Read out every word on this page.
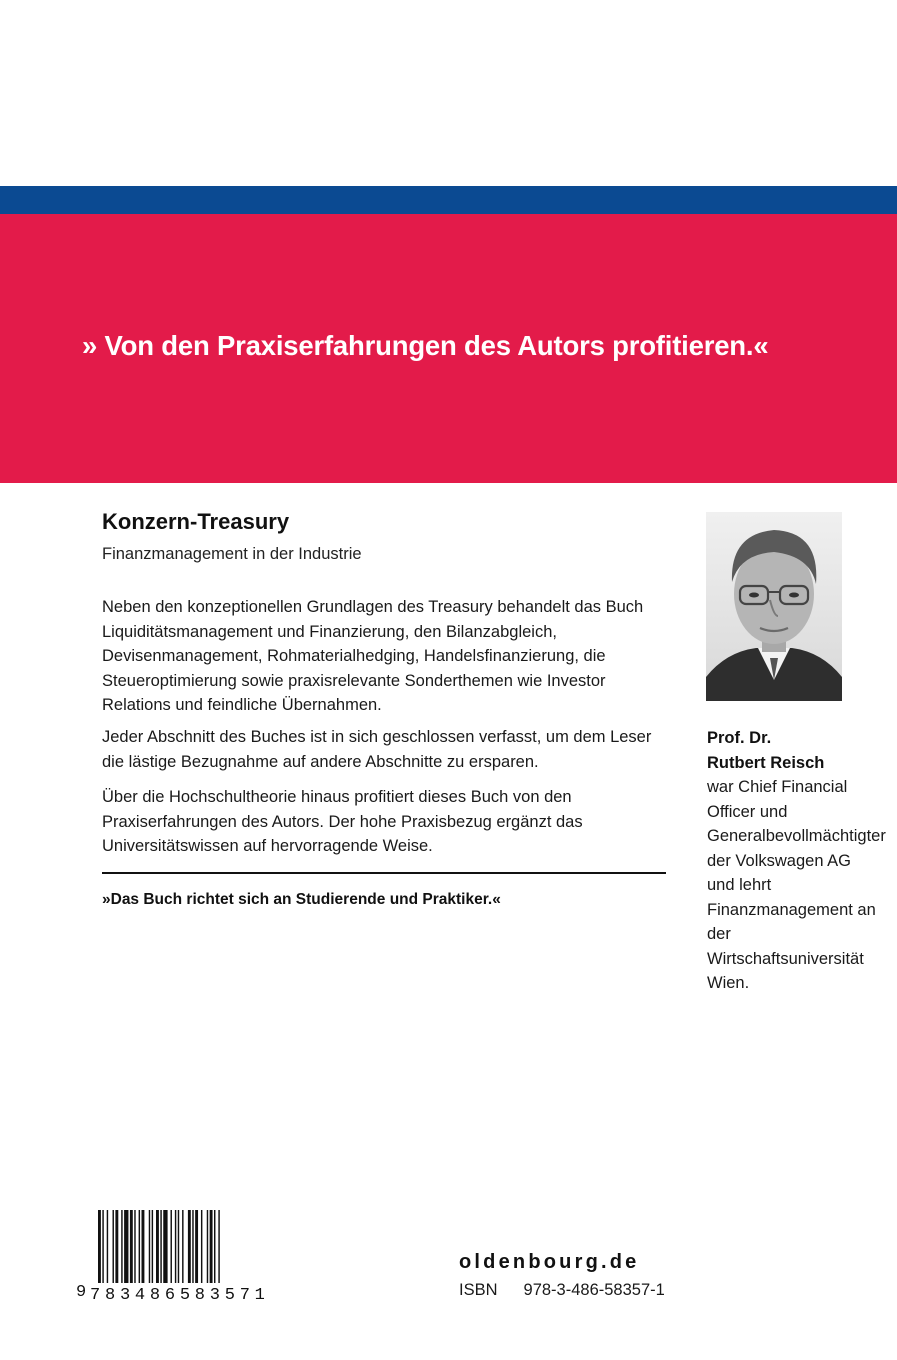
» Von den Praxiserfahrungen des Autors profitieren.«

Konzern-Treasury

Finanzmanagement in der Industrie

Neben den konzeptionellen Grundlagen des Treasury behandelt das Buch Liquiditätsmanagement und Finanzierung, den Bilanzabgleich, Devisenmanagement, Rohmaterialhedging, Handelsfinanzierung, die Steueroptimierung sowie praxisrelevante Sonderthemen wie Investor Relations und feindliche Übernahmen.

Jeder Abschnitt des Buches ist in sich geschlossen verfasst, um dem Leser die lästige Bezugnahme auf andere Abschnitte zu ersparen.

Über die Hochschultheorie hinaus profitiert dieses Buch von den Praxiserfahrungen des Autors. Der hohe Praxisbezug ergänzt das Universitätswissen auf hervorragende Weise.

»Das Buch richtet sich an Studierende und Praktiker.«

Prof. Dr.
Rutbert Reisch

war Chief Financial Officer und Generalbevollmächtigter der Volkswagen AG und lehrt Finanzmanagement an der Wirtschaftsuniversität Wien.

9 7 8 3 4 8 6 5 8 3 5 7 1

oldenbourg.de

ISBN 978-3-486-58357-1
